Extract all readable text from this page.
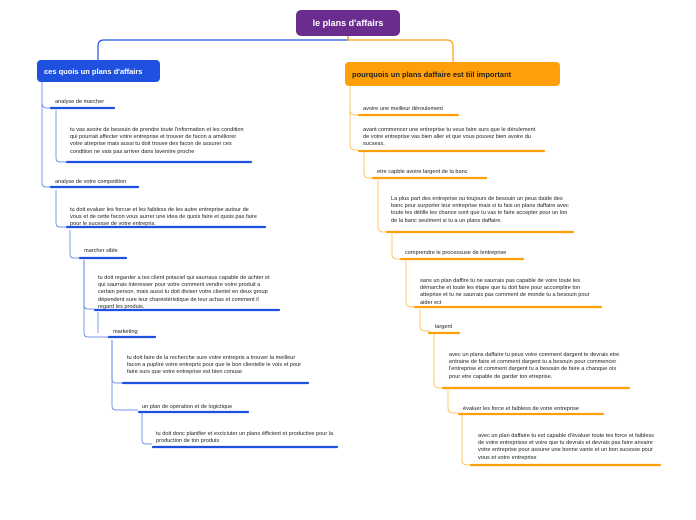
le plans d'affairs
ces quois un plans d'affairs	pourquois un plans daffaire est tiil important
analyse de marcher
tu vas avoire de besouin de prendre toute l'information et les condition qui pourrait affecter votre entreprise et trouver de facon a améliorer votre atreprise mais aussi tu doit trouve des facon de assurer ces condition ne vais pas arriver dans laveniire proche
analyse de votre competition
tu doit evaluer les forcue et les faibless de les autre entreprise autour de vous et de cette facon vous aurrer une idea de quois faire et quois pas faire pour le sucesse de votre entrepris.
marcher sible
tu doit regarder a tes client potaciel qui saurraus capable de achter et qui saurrais interesser pour votre comment vendre votre produit a certain person. mais aussi tu doit diviser votre clientel en deux group dépendent sure leur charéstéristique de leur achas et comment il regard les produis.
marketing
tu doit faire de la recherche sure votre entrepris a trouver la meilleur facon a puplire votre entrepris pour que le bon clientelle le vois et pour faire surs que votre entreprise est bien conuse
un plan de opération et de logictique
tu doit donc planifier et exciciuter un plans éfficient et productive pour la production de ton produis
avoire une meilleur déroulement
avant commencer une entreprise tu veus faire surs que le dérulement de votre entreprise vas bien aller et que vous pouvez bien avoire du sucsess.
etre capble avoire largent de la banc
La plus part des entreprise ou toujours de besouin un peus daide des banc pour surporter leur entreprise mais si tu fais un plans daffaire avec toute les détille les chance sont que tu vas te faire accepter pour un lon de la banc seulment si tu a un plans daffaire.
comprendre le processuse de lentreprise
sans un plan daffire tu ne saurrais pas capable de voire toute les démarche et toute les étape que tu doit faire pour accomplire ton atteprise et tu ne saurrais pas comment de monde tu a besouin pour aider ect
largent
avec un plans daffaire tu peux voire comment dargent te devrais etre entraine de faire et comment dargent tu a besouin pour commencer l'entreprise et comment dargent tu a besouin de faire a chanque ois pour etre capable de garder ton etreprise.
évaluer les force et faibless de votre entreprise
avec un plan daffaire tu est capable d'évaluer toute tes force et faibless de votre entreprisse et voire que tu devrais et devrais pas faire anvaire votre entreprise pour assurer une bonne vante et un bon sucesse pour vous et votre entreprise
